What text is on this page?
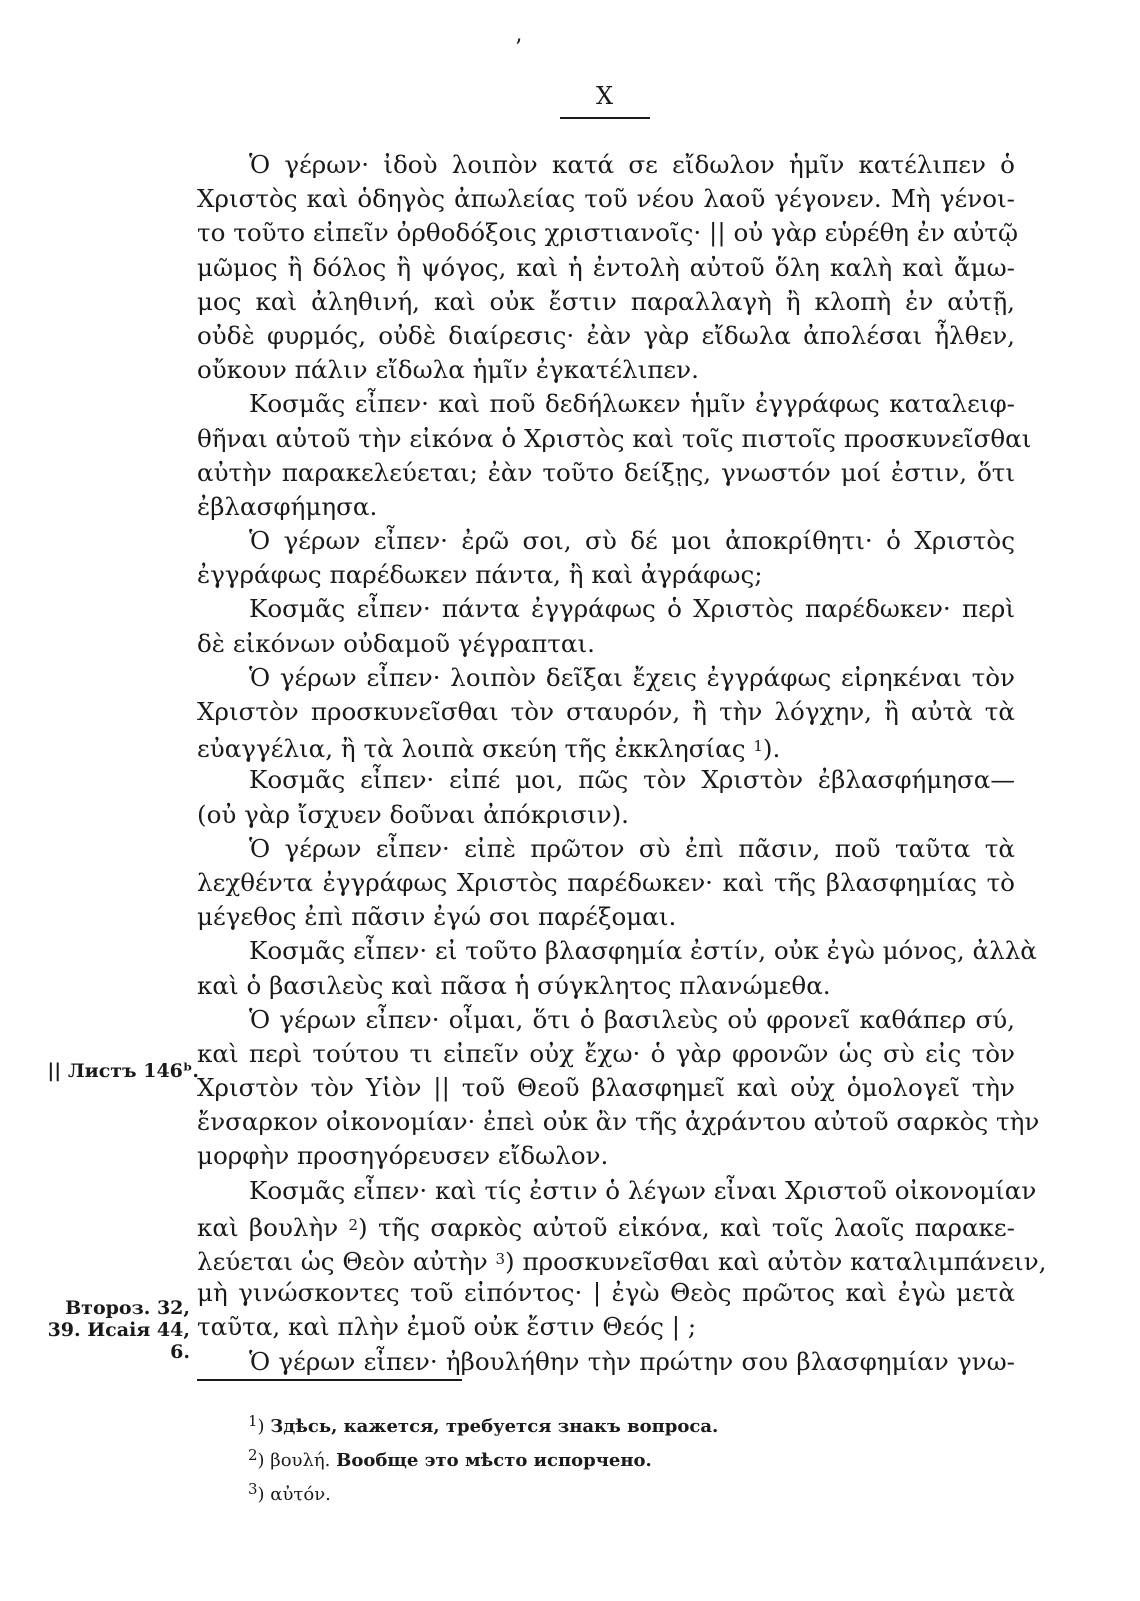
’
X
Ὁ γέρων· ἰδοὺ λοιπὸν κατά σε εἴδωλον ἡμῖν κατέλιπεν ὁ
Χριστὸς καὶ ὁδηγὸς ἀπωλείας τοῦ νέου λαοῦ γέγονεν. Μὴ γένοι-
το τοῦτο εἰπεῖν ὀρθοδόξοις χριστιανοῖς· || οὐ γὰρ εὑρέθη ἐν αὐτῷ
μῶμος ἢ δόλος ἢ ψόγος, καὶ ἡ ἐντολὴ αὐτοῦ ὅλη καλὴ καὶ ἄμω-
μος καὶ ἀληθινή, καὶ οὐκ ἔστιν παραλλαγὴ ἢ κλοπὴ ἐν αὐτῇ,
οὐδὲ φυρμός, οὐδὲ διαίρεσις· ἐὰν γὰρ εἴδωλα ἀπολέσαι ἦλθεν,
οὔκουν πάλιν εἴδωλα ἡμῖν ἐγκατέλιπεν.
Κοσμᾶς εἶπεν· καὶ ποῦ δεδήλωκεν ἡμῖν ἐγγράφως καταλειφ-
θῆναι αὐτοῦ τὴν εἰκόνα ὁ Χριστὸς καὶ τοῖς πιστοῖς προσκυνεῖσθαι
αὐτὴν παρακελεύεται; ἐὰν τοῦτο δείξῃς, γνωστόν μοί ἐστιν, ὅτι
ἐβλασφήμησα.
Ὁ γέρων εἶπεν· ἐρῶ σοι, σὺ δέ μοι ἀποκρίθητι· ὁ Χριστὸς
ἐγγράφως παρέδωκεν πάντα, ἢ καὶ ἀγράφως;
Κοσμᾶς εἶπεν· πάντα ἐγγράφως ὁ Χριστὸς παρέδωκεν· περὶ
δὲ εἰκόνων οὐδαμοῦ γέγραπται.
Ὁ γέρων εἶπεν· λοιπὸν δεῖξαι ἔχεις ἐγγράφως εἰρηκέναι τὸν
Χριστὸν προσκυνεῖσθαι τὸν σταυρόν, ἢ τὴν λόγχην, ἢ αὐτὰ τὰ
εὐαγγέλια, ἢ τὰ λοιπὰ σκεύη τῆς ἐκκλησίας $^1$).
Κοσμᾶς εἶπεν· εἰπέ μοι, πῶς τὸν Χριστὸν ἐβλασφήμησα—
(οὐ γὰρ ἴσχυεν δοῦναι ἀπόκρισιν).
Ὁ γέρων εἶπεν· εἰπὲ πρῶτον σὺ ἐπὶ πᾶσιν, ποῦ ταῦτα τὰ
λεχθέντα ἐγγράφως Χριστὸς παρέδωκεν· καὶ τῆς βλασφημίας τὸ
μέγεθος ἐπὶ πᾶσιν ἐγώ σοι παρέξομαι.
Κοσμᾶς εἶπεν· εἰ τοῦτο βλασφημία ἐστίν, οὐκ ἐγὼ μόνος, ἀλλὰ
καὶ ὁ βασιλεὺς καὶ πᾶσα ἡ σύγκλητος πλανώμεθα.
Ὁ γέρων εἶπεν· οἶμαι, ὅτι ὁ βασιλεὺς οὐ φρονεῖ καθάπερ σύ,
καὶ περὶ τούτου τι εἰπεῖν οὐχ ἔχω· ὁ γὰρ φρονῶν ὡς σὺ εἰς τὸν
Χριστὸν τὸν Υἱὸν || τοῦ Θεοῦ βλασφημεῖ καὶ οὐχ ὁμολογεῖ τὴν
ἔνσαρκον οἰκονομίαν· ἐπεὶ οὐκ ἂν τῆς ἀχράντου αὐτοῦ σαρκὸς τὴν
μορφὴν προσηγόρευσεν εἴδωλον.
Κοσμᾶς εἶπεν· καὶ τίς ἐστιν ὁ λέγων εἶναι Χριστοῦ οἰκονομίαν
καὶ βουλὴν $^2$) τῆς σαρκὸς αὐτοῦ εἰκόνα, καὶ τοῖς λαοῖς παρακε-
λεύεται ὡς Θεὸν αὐτὴν $^3$) προσκυνεῖσθαι καὶ αὐτὸν καταλιμπάνειν,
μὴ γινώσκοντες τοῦ εἰπόντος· | ἐγὼ Θεὸς πρῶτος καὶ ἐγὼ μετὰ
ταῦτα, καὶ πλὴν ἐμοῦ οὐκ ἔστιν Θεός | ;
Ὁ γέρων εἶπεν· ἠβουλήθην τὴν πρώτην σου βλασφημίαν γνω-
|| Листъ 146ᵇ.
Второз. 32,
39. Исаія 44,
6.
$^1$) Здѣсь, кажется, требуется знакъ вопроса.
$^2$) βουλή. Вообще это мѣсто испорчено.
$^3$) αὐτόν.
